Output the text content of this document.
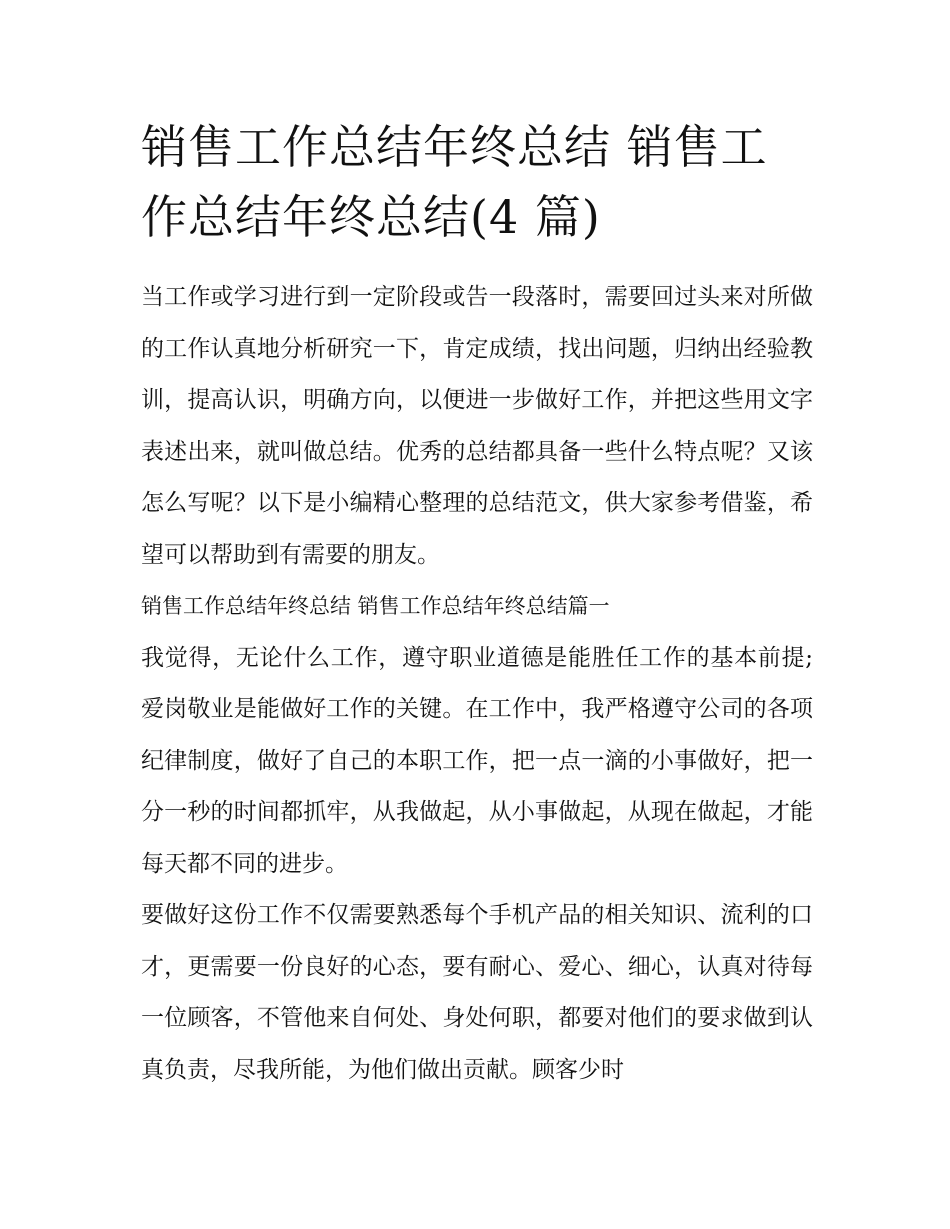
销售工作总结年终总结 销售工作总结年终总结(4 篇)

当工作或学习进行到一定阶段或告一段落时，需要回过头来对所做的工作认真地分析研究一下，肯定成绩，找出问题，归纳出经验教训，提高认识，明确方向，以便进一步做好工作，并把这些用文字表述出来，就叫做总结。优秀的总结都具备一些什么特点呢？又该怎么写呢？以下是小编精心整理的总结范文，供大家参考借鉴，希望可以帮助到有需要的朋友。

销售工作总结年终总结 销售工作总结年终总结篇一

我觉得，无论什么工作，遵守职业道德是能胜任工作的基本前提;爱岗敬业是能做好工作的关键。在工作中，我严格遵守公司的各项纪律制度，做好了自己的本职工作，把一点一滴的小事做好，把一分一秒的时间都抓牢，从我做起，从小事做起，从现在做起，才能每天都不同的进步。

要做好这份工作不仅需要熟悉每个手机产品的相关知识、流利的口才，更需要一份良好的心态，要有耐心、爱心、细心，认真对待每一位顾客，不管他来自何处、身处何职，都要对他们的要求做到认真负责，尽我所能，为他们做出贡献。顾客少时
